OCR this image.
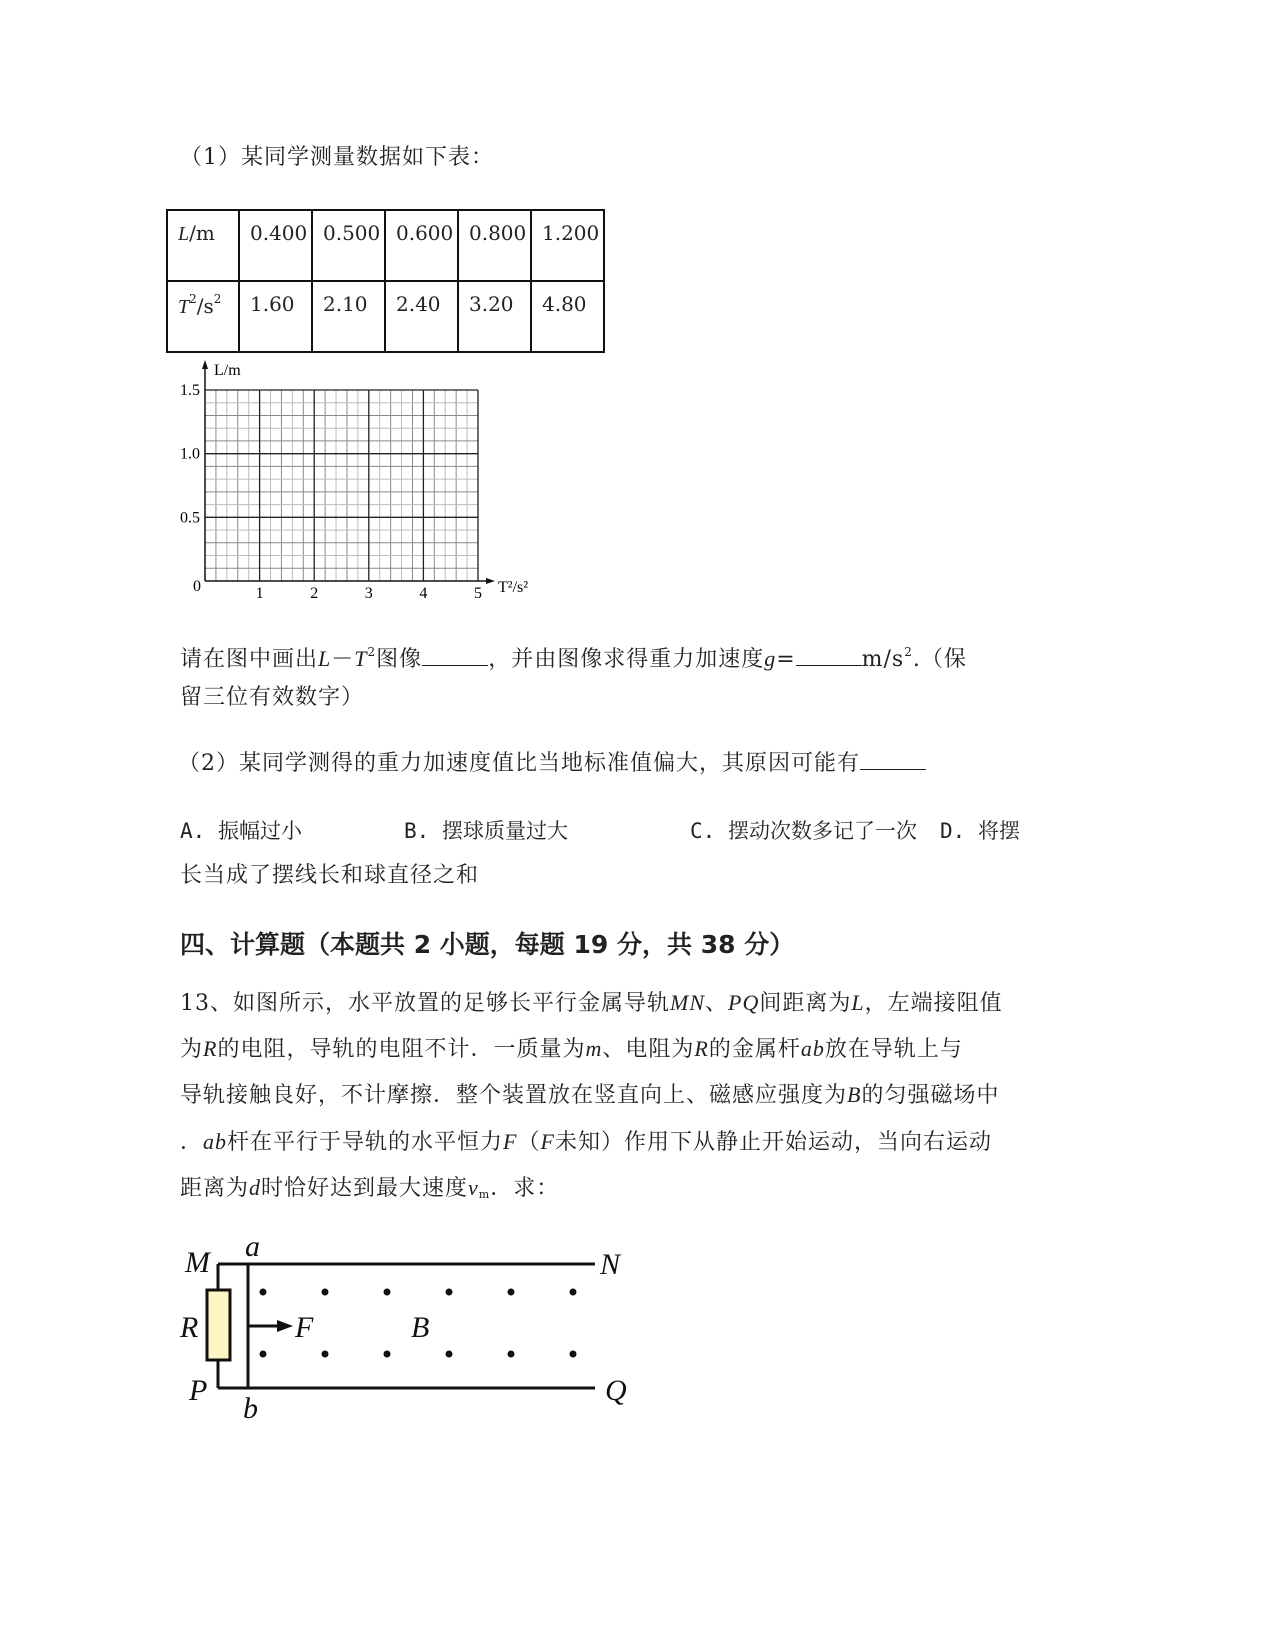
（1）某同学测量数据如下表：
L/m	0.400	0.500	0.600	0.800	1.200
$T^2/s^2$	1.60	2.10	2.40	3.20	4.80
1	2	3	4	5
0.5
1.0
1.5
L/m
T²/s²
0
请在图中画出$L-T^2$图像	，并由图像求得重力加速度g=	$m/s^2$.（保
留三位有效数字）
（2）某同学测得的重力加速度值比当地标准值偏大，其原因可能有
A. 振幅过小	B. 摆球质量过大	C. 摆动次数多记了一次 D. 将摆
长当成了摆线长和球直径之和
四、计算题（本题共 2 小题，每题 19 分，共 38 分）
13、如图所示，水平放置的足够长平行金属导轨MN、PQ间距离为L，左端接阻值
为R的电阻，导轨的电阻不计．一质量为m、电阻为R的金属杆ab放在导轨上与
导轨接触良好，不计摩擦．整个装置放在竖直向上、磁感应强度为B的匀强磁场中
．ab杆在平行于导轨的水平恒力F（F未知）作用下从静止开始运动，当向右运动
距离为d时恰好达到最大速度$v_m$．求：
M a
N
R	F	B
P
b
Q
